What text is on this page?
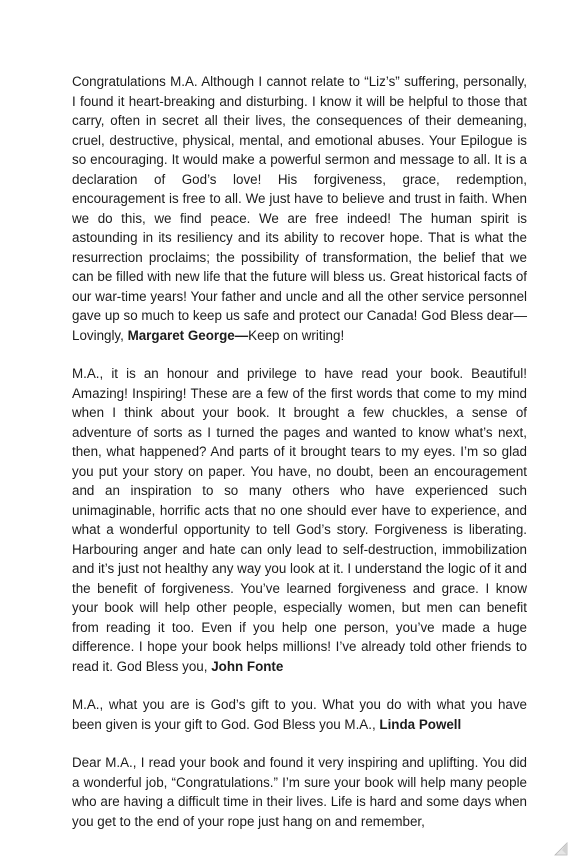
Congratulations M.A. Although I cannot relate to “Liz’s” suffering, personally, I found it heart-breaking and disturbing. I know it will be helpful to those that carry, often in secret all their lives, the consequences of their demeaning, cruel, destructive, physical, mental, and emotional abuses. Your Epilogue is so encouraging. It would make a powerful sermon and message to all. It is a declaration of God’s love! His forgiveness, grace, redemption, encouragement is free to all. We just have to believe and trust in faith. When we do this, we find peace. We are free indeed! The human spirit is astounding in its resiliency and its ability to recover hope. That is what the resurrection proclaims; the possibility of transformation, the belief that we can be filled with new life that the future will bless us. Great historical facts of our war-time years! Your father and uncle and all the other service personnel gave up so much to keep us safe and protect our Canada! God Bless dear—Lovingly, Margaret George—Keep on writing!

M.A., it is an honour and privilege to have read your book. Beautiful! Amazing! Inspiring! These are a few of the first words that come to my mind when I think about your book. It brought a few chuckles, a sense of adventure of sorts as I turned the pages and wanted to know what’s next, then, what happened? And parts of it brought tears to my eyes. I’m so glad you put your story on paper. You have, no doubt, been an encouragement and an inspiration to so many others who have experienced such unimaginable, horrific acts that no one should ever have to experience, and what a wonderful opportunity to tell God’s story. Forgiveness is liberating. Harbouring anger and hate can only lead to self-destruction, immobilization and it’s just not healthy any way you look at it. I understand the logic of it and the benefit of forgiveness. You’ve learned forgiveness and grace. I know your book will help other people, especially women, but men can benefit from reading it too. Even if you help one person, you’ve made a huge difference. I hope your book helps millions! I’ve already told other friends to read it. God Bless you, John Fonte

M.A., what you are is God’s gift to you. What you do with what you have been given is your gift to God. God Bless you M.A., Linda Powell

Dear M.A., I read your book and found it very inspiring and uplifting. You did a wonderful job, “Congratulations.” I’m sure your book will help many people who are having a difficult time in their lives. Life is hard and some days when you get to the end of your rope just hang on and remember,
